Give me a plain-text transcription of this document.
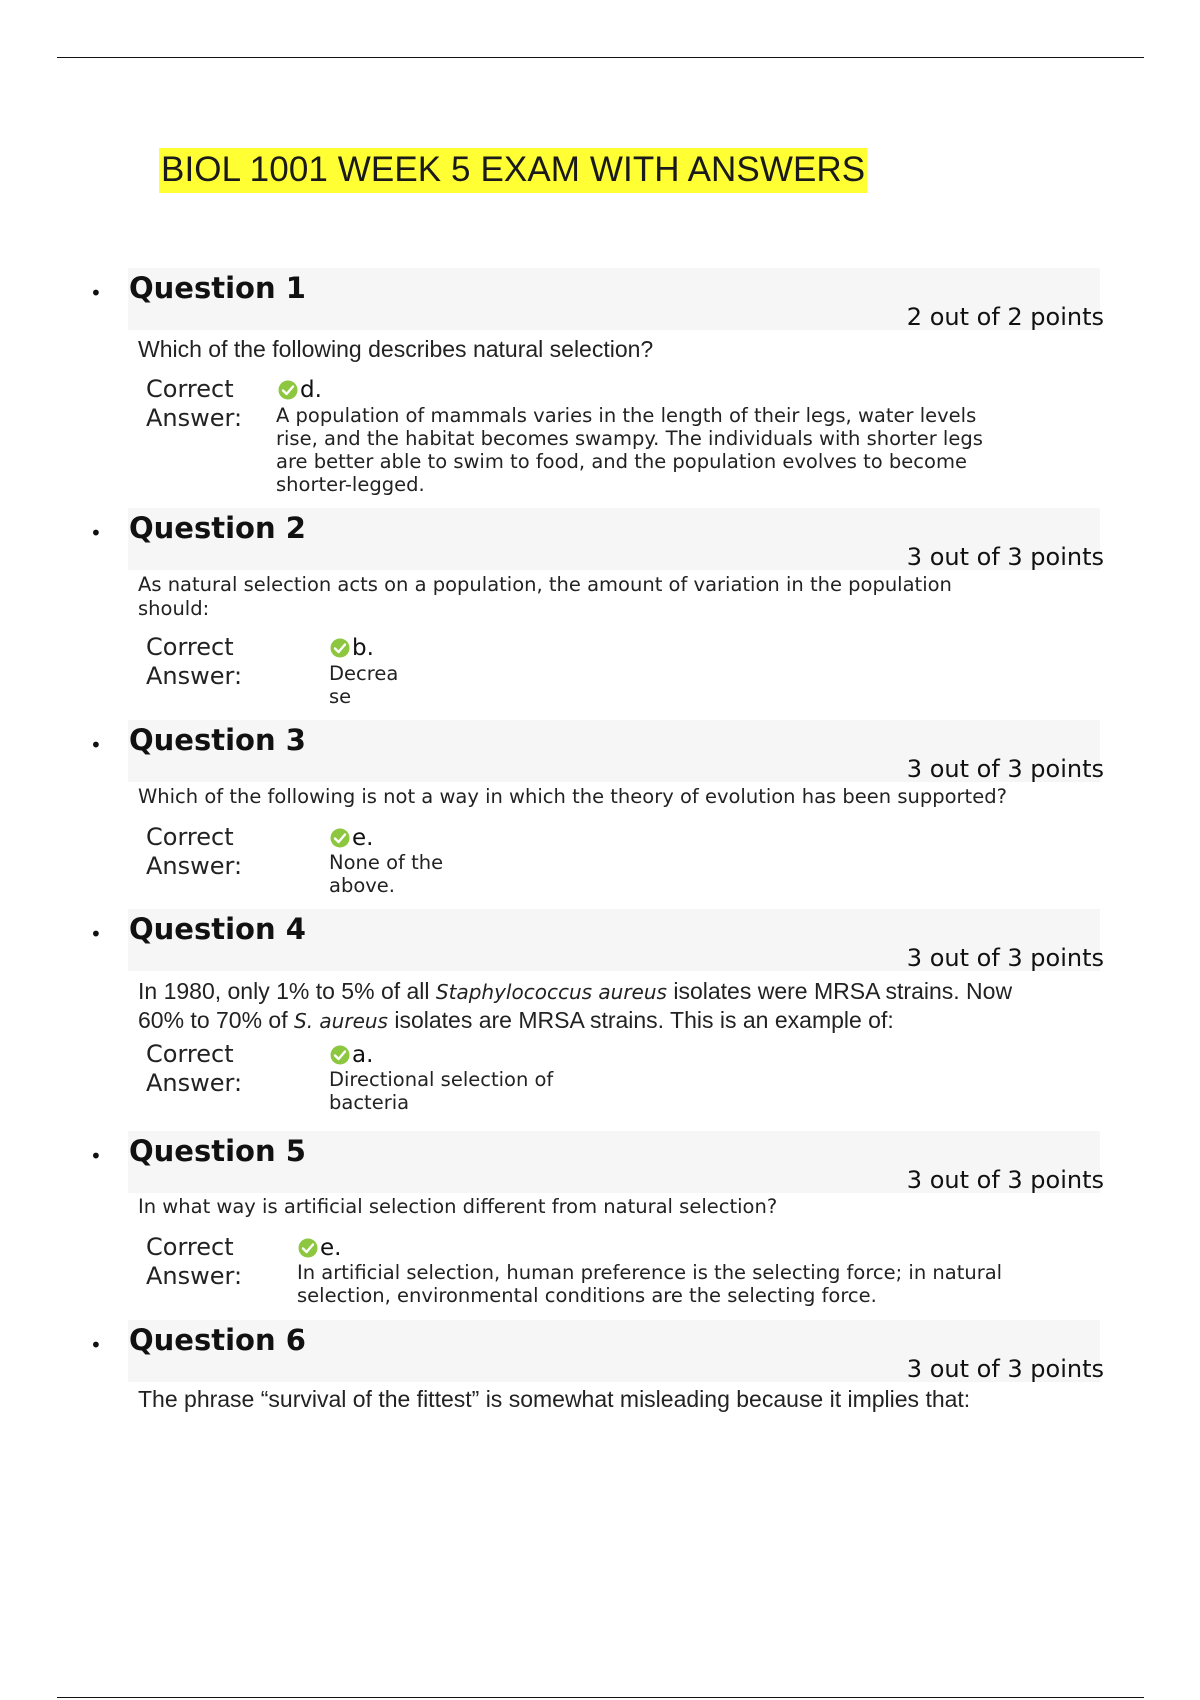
BIOL 1001 WEEK 5 EXAM WITH ANSWERS
• Question 1
2 out of 2 points
Which of the following describes natural selection?
Correct
Answer:
d.
A population of mammals varies in the length of their legs, water levels
rise, and the habitat becomes swampy. The individuals with shorter legs
are better able to swim to food, and the population evolves to become
shorter-legged.
• Question 2
3 out of 3 points
As natural selection acts on a population, the amount of variation in the population
should:
Correct
Answer:
b.
Decrea
se
• Question 3
3 out of 3 points
Which of the following is not a way in which the theory of evolution has been supported?
Correct
Answer:
e.
None of the
above.
• Question 4
3 out of 3 points
In 1980, only 1% to 5% of all Staphylococcus aureus isolates were MRSA strains. Now
60% to 70% of S. aureus isolates are MRSA strains. This is an example of:
Correct
Answer:
a.
Directional selection of
bacteria
• Question 5
3 out of 3 points
In what way is artificial selection different from natural selection?
Correct
Answer:
e.
In artificial selection, human preference is the selecting force; in natural
selection, environmental conditions are the selecting force.
• Question 6
3 out of 3 points
The phrase “survival of the fittest” is somewhat misleading because it implies that:
